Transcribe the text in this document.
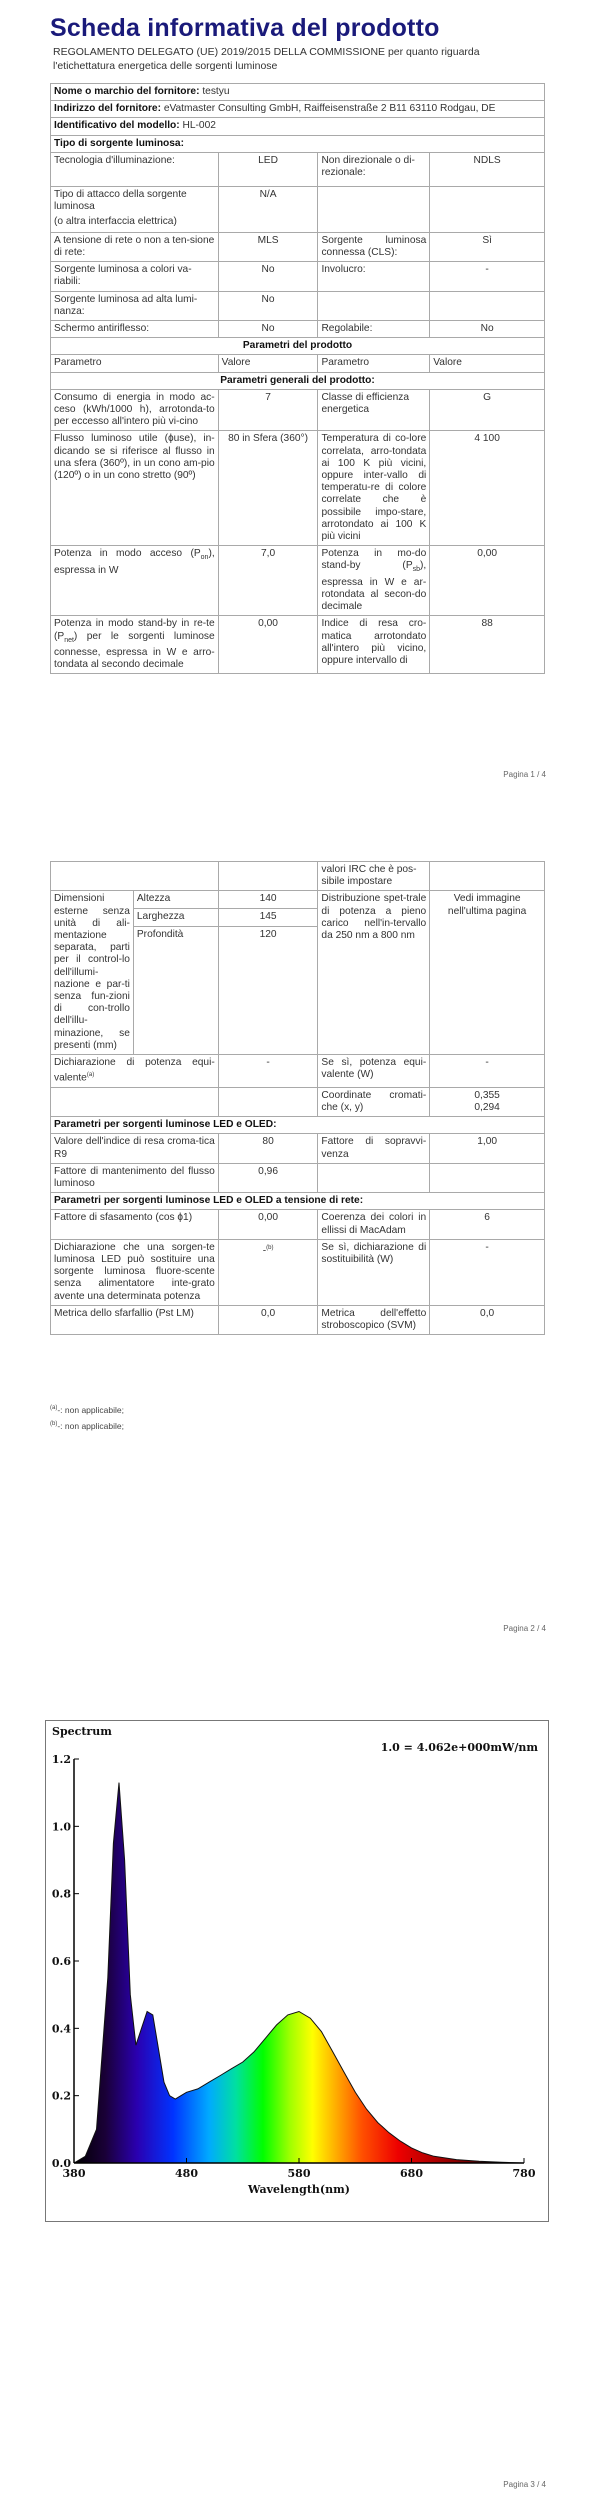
Scheda informativa del prodotto
REGOLAMENTO DELEGATO (UE) 2019/2015 DELLA COMMISSIONE per quanto riguarda l'etichettatura energetica delle sorgenti luminose
Nome o marchio del fornitore: testyu			
Indirizzo del fornitore: eVatmaster Consulting GmbH, Raiffeisenstraße 2 B11 63110 Rodgau, DE			
Identificativo del modello: HL-002			
Tipo di sorgente luminosa:			
Tecnologia d'illuminazione:	LED	Non direzionale o di-rezionale:	NDLS

Tipo di attacco della sorgente luminosa
(o altra interfaccia elettrica)	N/A		
A tensione di rete o non a ten-sione di rete:	MLS	Sorgente luminosa connessa (CLS):	Sì
Sorgente luminosa a colori va-riabili:	No	Involucro:	-
Sorgente luminosa ad alta lumi-nanza:	No		
Schermo antiriflesso:	No	Regolabile:	No
Parametri del prodotto			
Parametro	Valore	Parametro	Valore
Parametri generali del prodotto:			
Consumo di energia in modo ac-ceso (kWh/1000 h), arrotonda-to per eccesso all'intero più vi-cino	7	Classe di efficienza energetica	G
Flusso luminoso utile (ɸuse), in-dicando se si riferisce al flusso in una sfera (360º), in un cono am-pio (120º) o in un cono stretto (90º)	80 in Sfera (360°)	Temperatura di co-lore correlata, arro-tondata ai 100 K più vicini, oppure inter-vallo di temperatu-re di colore correlate che è possibile impo-stare, arrotondato ai 100 K più vicini	4 100
Potenza in modo acceso $(P_{on})$, espressa in W	7,0	Potenza in mo-do stand-by $(P_{sb})$, espressa in W e ar-rotondata al secon-do decimale	0,00
Potenza in modo stand-by in re-te $(P_{net})$ per le sorgenti luminose connesse, espressa in W e arro-tondata al secondo decimale	0,00	Indice di resa cro-matica arrotondato all'intero più vicino, oppure intervallo di	88
Pagina 1 / 4
			valori IRC che è pos-sibile impostare	
Dimensioni esterne senza unità di ali-mentazione separata, parti per il control-lo dell'illumi-nazione e par-ti senza fun-zioni di con-trollo dell'illu-minazione, se presenti (mm)	Altezza	140	Distribuzione spet-trale di potenza a pieno carico nell'in-tervallo da 250 nm a 800 nm	Vedi immagine nell'ultima pagina
	Larghezza	145		
	Profondità	120		
Dichiarazione di potenza equi-valente$^{(a)}$		-	Se sì, potenza equi-valente (W)	-
			Coordinate cromati-che (x, y)	0,355
0,294

Parametri per sorgenti luminose LED e OLED:				
Valore dell'indice di resa croma-tica R9		80	Fattore di sopravvi-venza	1,00
Fattore di mantenimento del flusso luminoso		0,96		
Parametri per sorgenti luminose LED e OLED a tensione di rete:				
Fattore di sfasamento (cos ɸ1)		0,00	Coerenza dei colori in ellissi di MacAdam	6
Dichiarazione che una sorgen-te luminosa LED può sostituire una sorgente luminosa fluore-scente senza alimentatore inte-grato avente una determinata potenza		-$^{(b)}$	Se sì, dichiarazione di sostituibilità (W)	-
Metrica dello sfarfallio (Pst LM)		0,0	Metrica dell'effetto stroboscopico (SVM)	0,0
$^{(a)}$-: non applicabile;
$^{(b)}$-: non applicabile;
Pagina 2 / 4
Spectrum
1.0 = 4.062e+000mW/nm
0.0
0.2
0.4
0.6
0.8
1.0
1.2
380	480	580	680	780
Wavelength(nm)
Pagina 3 / 4
